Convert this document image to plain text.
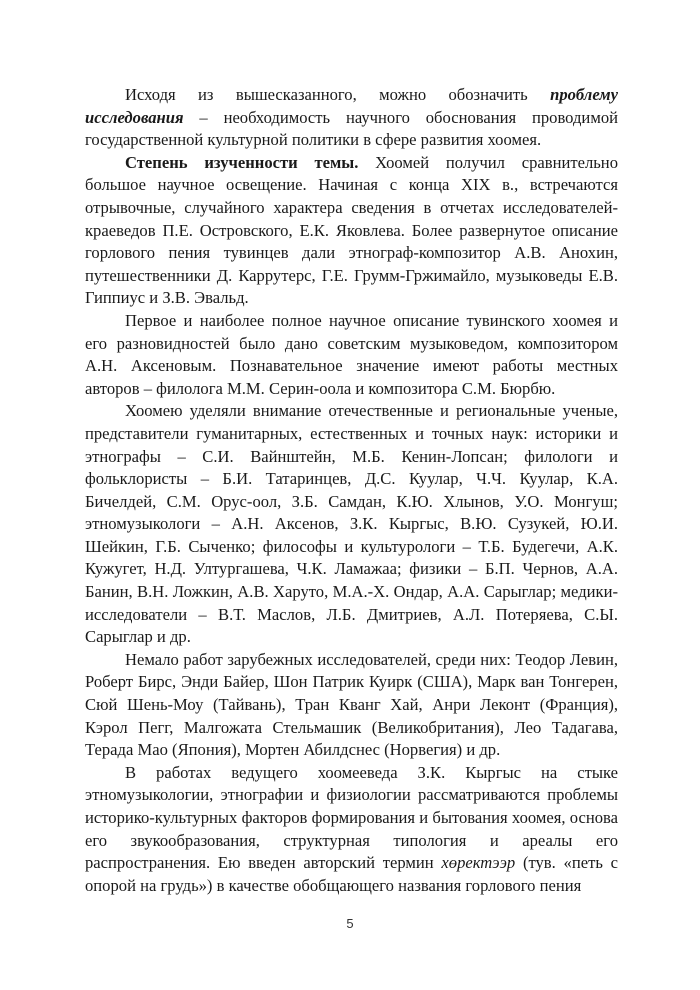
Исходя из вышесказанного, можно обозначить проблему исследования – необходимость научного обоснования проводимой государственной культурной политики в сфере развития хоомея.

Степень изученности темы. Хоомей получил сравнительно большое научное освещение. Начиная с конца XIX в., встречаются отрывочные, случайного характера сведения в отчетах исследователей-краеведов П.Е. Островского, Е.К. Яковлева. Более развернутое описание горлового пения тувинцев дали этнограф-композитор А.В. Анохин, путешественники Д. Каррутерс, Г.Е. Грумм-Гржимайло, музыковеды Е.В. Гиппиус и З.В. Эвальд.

Первое и наиболее полное научное описание тувинского хоомея и его разновидностей было дано советским музыковедом, композитором А.Н. Аксеновым. Познавательное значение имеют работы местных авторов – филолога М.М. Серин-оола и композитора С.М. Бюрбю.

Хоомею уделяли внимание отечественные и региональные ученые, представители гуманитарных, естественных и точных наук: историки и этнографы – С.И. Вайнштейн, М.Б. Кенин-Лопсан; филологи и фольклористы – Б.И. Татаринцев, Д.С. Куулар, Ч.Ч. Куулар, К.А. Бичелдей, С.М. Орус-оол, З.Б. Самдан, К.Ю. Хлынов, У.О. Монгуш; этномузыкологи – А.Н. Аксенов, З.К. Кыргыс, В.Ю. Сузукей, Ю.И. Шейкин, Г.Б. Сыченко; философы и культурологи – Т.Б. Будегечи, А.К. Кужугет, Н.Д. Ултургашева, Ч.К. Ламажаа; физики – Б.П. Чернов, А.А. Банин, В.Н. Ложкин, А.В. Харуто, М.А.-Х. Ондар, А.А. Сарыглар; медики-исследователи – В.Т. Маслов, Л.Б. Дмитриев, А.Л. Потеряева, С.Ы. Сарыглар и др.

Немало работ зарубежных исследователей, среди них: Теодор Левин, Роберт Бирс, Энди Байер, Шон Патрик Куирк (США), Марк ван Тонгерен, Сюй Шень-Моу (Тайвань), Тран Кванг Хай, Анри Леконт (Франция), Кэрол Пегг, Малгожата Стельмашик (Великобритания), Лео Тадагава, Терада Мао (Япония), Мортен Абилдснес (Норвегия) и др.

В работах ведущего хоомееведа З.К. Кыргыс на стыке этномузыкологии, этнографии и физиологии рассматриваются проблемы историко-культурных факторов формирования и бытования хоомея, основа его звукообразования, структурная типология и ареалы его распространения. Ею введен авторский термин хөректээр (тув. «петь с опорой на грудь») в качестве обобщающего названия горлового пения

5
